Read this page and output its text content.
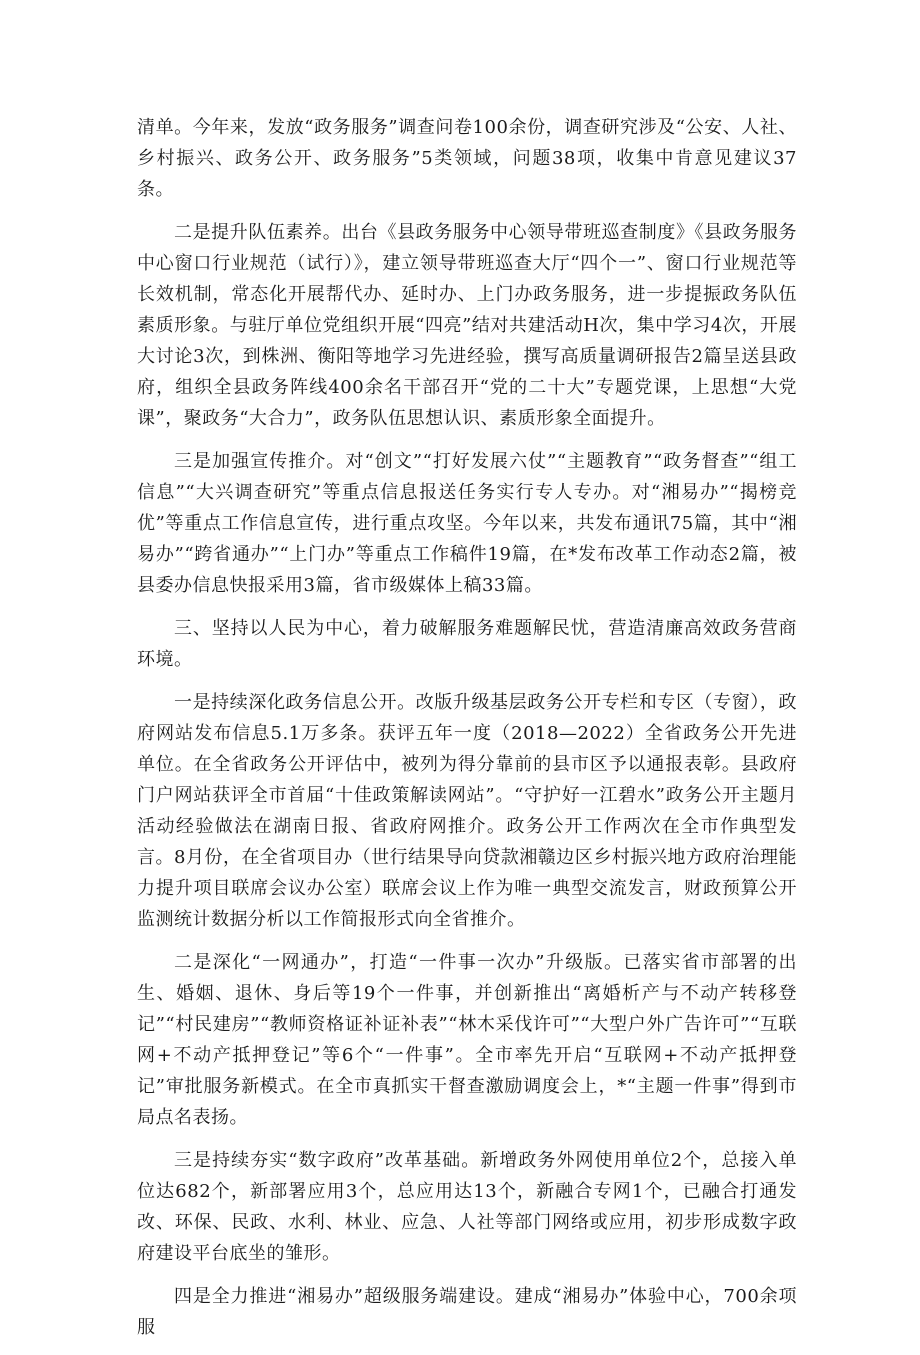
清单。今年来，发放“政务服务”调查问卷100余份，调查研究涉及“公安、人社、乡村振兴、政务公开、政务服务”5类领域，问题38项，收集中肯意见建议37条。

二是提升队伍素养。出台《县政务服务中心领导带班巡查制度》《县政务服务中心窗口行业规范（试行）》，建立领导带班巡查大厅“四个一”、窗口行业规范等长效机制，常态化开展帮代办、延时办、上门办政务服务，进一步提振政务队伍素质形象。与驻厅单位党组织开展“四亮”结对共建活动H次，集中学习4次，开展大讨论3次，到株洲、衡阳等地学习先进经验，撰写高质量调研报告2篇呈送县政府，组织全县政务阵线400余名干部召开“党的二十大”专题党课，上思想“大党课”，聚政务“大合力”，政务队伍思想认识、素质形象全面提升。

三是加强宣传推介。对“创文”“打好发展六仗”“主题教育”“政务督查”“组工信息”“大兴调查研究”等重点信息报送任务实行专人专办。对“湘易办”“揭榜竞优”等重点工作信息宣传，进行重点攻坚。今年以来，共发布通讯75篇，其中“湘易办”“跨省通办”“上门办”等重点工作稿件19篇，在*发布改革工作动态2篇，被县委办信息快报采用3篇，省市级媒体上稿33篇。

三、坚持以人民为中心，着力破解服务难题解民忧，营造清廉高效政务营商环境。

一是持续深化政务信息公开。改版升级基层政务公开专栏和专区（专窗），政府网站发布信息5.1万多条。获评五年一度（2018—2022）全省政务公开先进单位。在全省政务公开评估中，被列为得分靠前的县市区予以通报表彰。县政府门户网站获评全市首届“十佳政策解读网站”。“守护好一江碧水”政务公开主题月活动经验做法在湖南日报、省政府网推介。政务公开工作两次在全市作典型发言。8月份，在全省项目办（世行结果导向贷款湘赣边区乡村振兴地方政府治理能力提升项目联席会议办公室）联席会议上作为唯一典型交流发言，财政预算公开监测统计数据分析以工作简报形式向全省推介。

二是深化“一网通办”，打造“一件事一次办”升级版。已落实省市部署的出生、婚姻、退休、身后等19个一件事，并创新推出“离婚析产与不动产转移登记”“村民建房”“教师资格证补证补表”“林木采伐许可”“大型户外广告许可”“互联网+不动产抵押登记”等6个“一件事”。全市率先开启“互联网+不动产抵押登记”审批服务新模式。在全市真抓实干督查激励调度会上，*“主题一件事”得到市局点名表扬。

三是持续夯实“数字政府”改革基础。新增政务外网使用单位2个，总接入单位达682个，新部署应用3个，总应用达13个，新融合专网1个，已融合打通发改、环保、民政、水利、林业、应急、人社等部门网络或应用，初步形成数字政府建设平台底坐的雏形。

四是全力推进“湘易办”超级服务端建设。建成“湘易办”体验中心，700余项服
